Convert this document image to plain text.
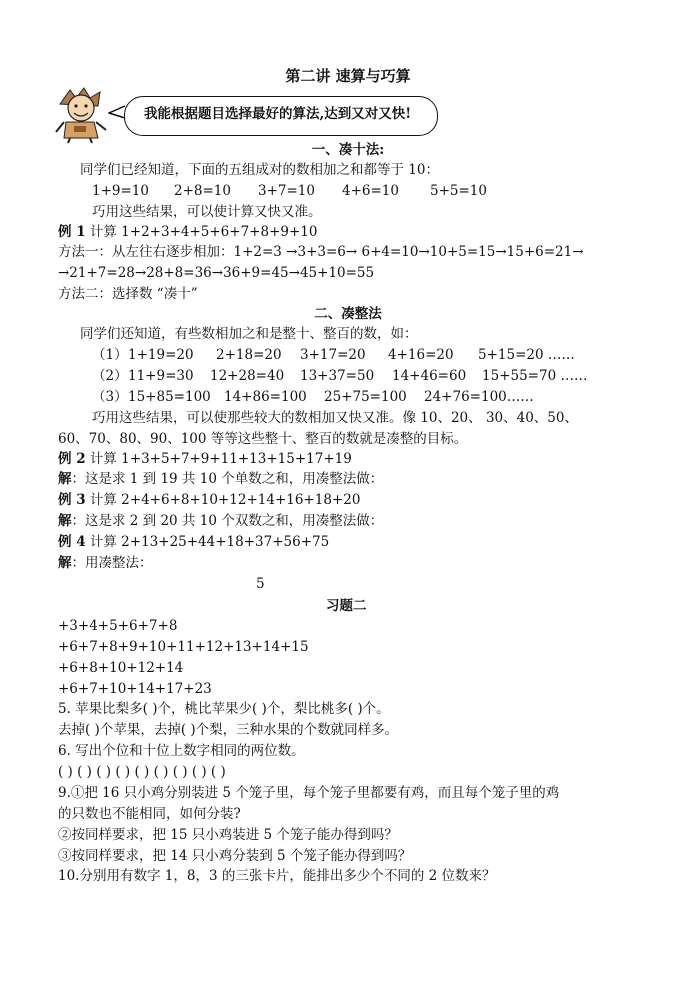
第二讲 速算与巧算
我能根据题目选择最好的算法,达到又对又快!
一、凑十法:
同学们已经知道，下面的五组成对的数相加之和都等于 10：
1+9=10 2+8=10 3+7=10 4+6=10 5+5=10
巧用这些结果，可以使计算又快又准。
例 1 计算 1+2+3+4+5+6+7+8+9+10
方法一：从左往右逐步相加：1+2=3 →3+3=6→ 6+4=10→10+5=15→15+6=21→
→21+7=28→28+8=36→36+9=45→45+10=55
方法二：选择数 “凑十”
二、凑整法
同学们还知道，有些数相加之和是整十、整百的数，如：
（1）1+19=20 2+18=20 3+17=20 4+16=20 5+15=20 ……
（2）11+9=30 12+28=40 13+37=50 14+46=60 15+55=70 ……
（3）15+85=100 14+86=100 25+75=100 24+76=100……
巧用这些结果，可以使那些较大的数相加又快又准。像 10、20、 30、40、50、
60、70、80、90、100 等等这些整十、整百的数就是凑整的目标。
例 2 计算 1+3+5+7+9+11+13+15+17+19
解：这是求 1 到 19 共 10 个单数之和，用凑整法做：
例 3 计算 2+4+6+8+10+12+14+16+18+20
解：这是求 2 到 20 共 10 个双数之和，用凑整法做：
例 4 计算 2+13+25+44+18+37+56+75
解：用凑整法：
5
习题二
+3+4+5+6+7+8
+6+7+8+9+10+11+12+13+14+15
+6+8+10+12+14
+6+7+10+14+17+23
5. 苹果比梨多( )个，桃比苹果少( )个，梨比桃多( )个。
去掉( )个苹果，去掉( )个梨，三种水果的个数就同样多。
6. 写出个位和十位上数字相同的两位数。
( ) ( ) ( ) ( ) ( ) ( ) ( ) ( ) ( )
9.①把 16 只小鸡分别装进 5 个笼子里，每个笼子里都要有鸡，而且每个笼子里的鸡
的只数也不能相同，如何分装?
②按同样要求，把 15 只小鸡装进 5 个笼子能办得到吗？
③按同样要求，把 14 只小鸡分装到 5 个笼子能办得到吗？
10.分别用有数字 1，8，3 的三张卡片，能排出多少个不同的 2 位数来？
